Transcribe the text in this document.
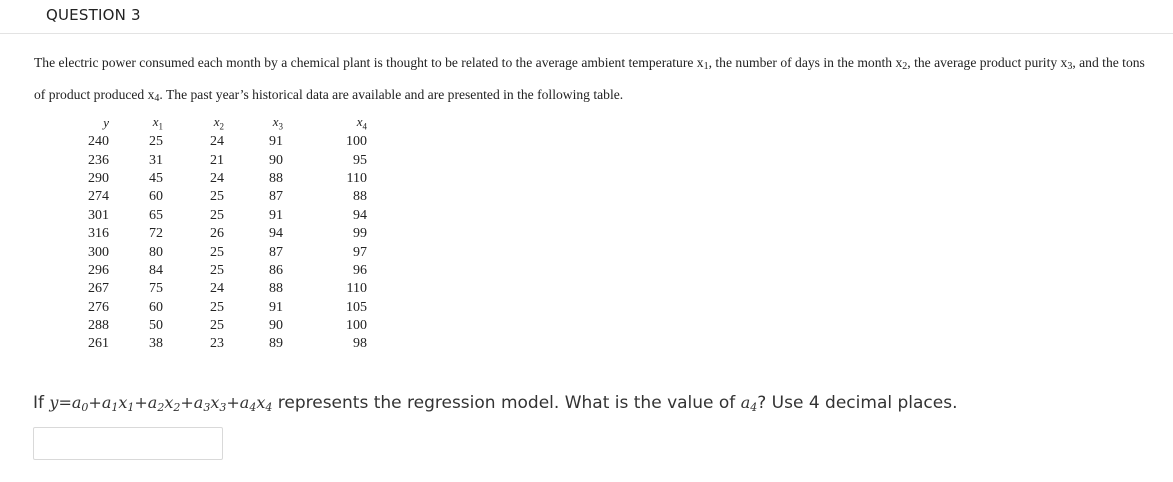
QUESTION 3

The electric power consumed each month by a chemical plant is thought to be related to the average ambient temperature $x_1$, the number of days in the month $x_2$, the average product purity $x_3$, and the tons of product produced $x_4$. The past year’s historical data are available and are presented in the following table.

y	$x_1$	$x_2$	$x_3$	$x_4$
240	25	24	91	100
236	31	21	90	95
290	45	24	88	110
274	60	25	87	88
301	65	25	91	94
316	72	26	94	99
300	80	25	87	97
296	84	25	86	96
267	75	24	88	110
276	60	25	91	105
288	50	25	90	100
261	38	23	89	98
If $y=a_0+a_1x_1+a_2x_2+a_3x_3+a_4x_4$ represents the regression model. What is the value of $a_4$? Use 4 decimal places.
